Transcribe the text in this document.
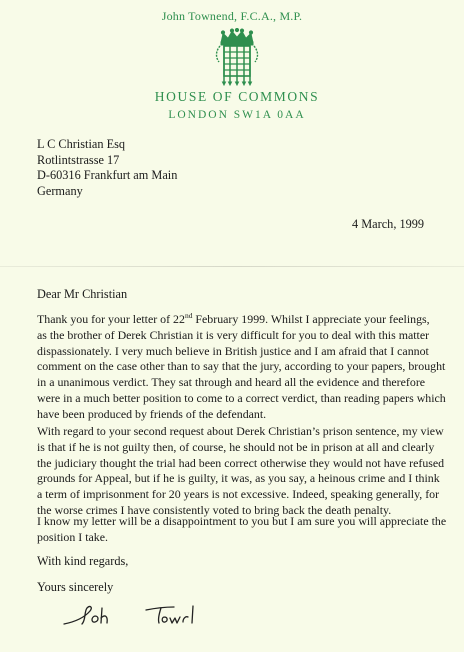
John Townend, F.C.A., M.P.
HOUSE OF COMMONS
LONDON SW1A 0AA
L C Christian Esq
Rotlintstrasse 17
D-60316 Frankfurt am Main
Germany
4 March, 1999
Dear Mr Christian
Thank you for your letter of 22nd February 1999. Whilst I appreciate your feelings,
as the brother of Derek Christian it is very difficult for you to deal with this matter
dispassionately. I very much believe in British justice and I am afraid that I cannot
comment on the case other than to say that the jury, according to your papers, brought
in a unanimous verdict. They sat through and heard all the evidence and therefore
were in a much better position to come to a correct verdict, than reading papers which
have been produced by friends of the defendant.
With regard to your second request about Derek Christian’s prison sentence, my view
is that if he is not guilty then, of course, he should not be in prison at all and clearly
the judiciary thought the trial had been correct otherwise they would not have refused
grounds for Appeal, but if he is guilty, it was, as you say, a heinous crime and I think
a term of imprisonment for 20 years is not excessive. Indeed, speaking generally, for
the worse crimes I have consistently voted to bring back the death penalty.
I know my letter will be a disappointment to you but I am sure you will appreciate the
position I take.
With kind regards,
Yours sincerely
